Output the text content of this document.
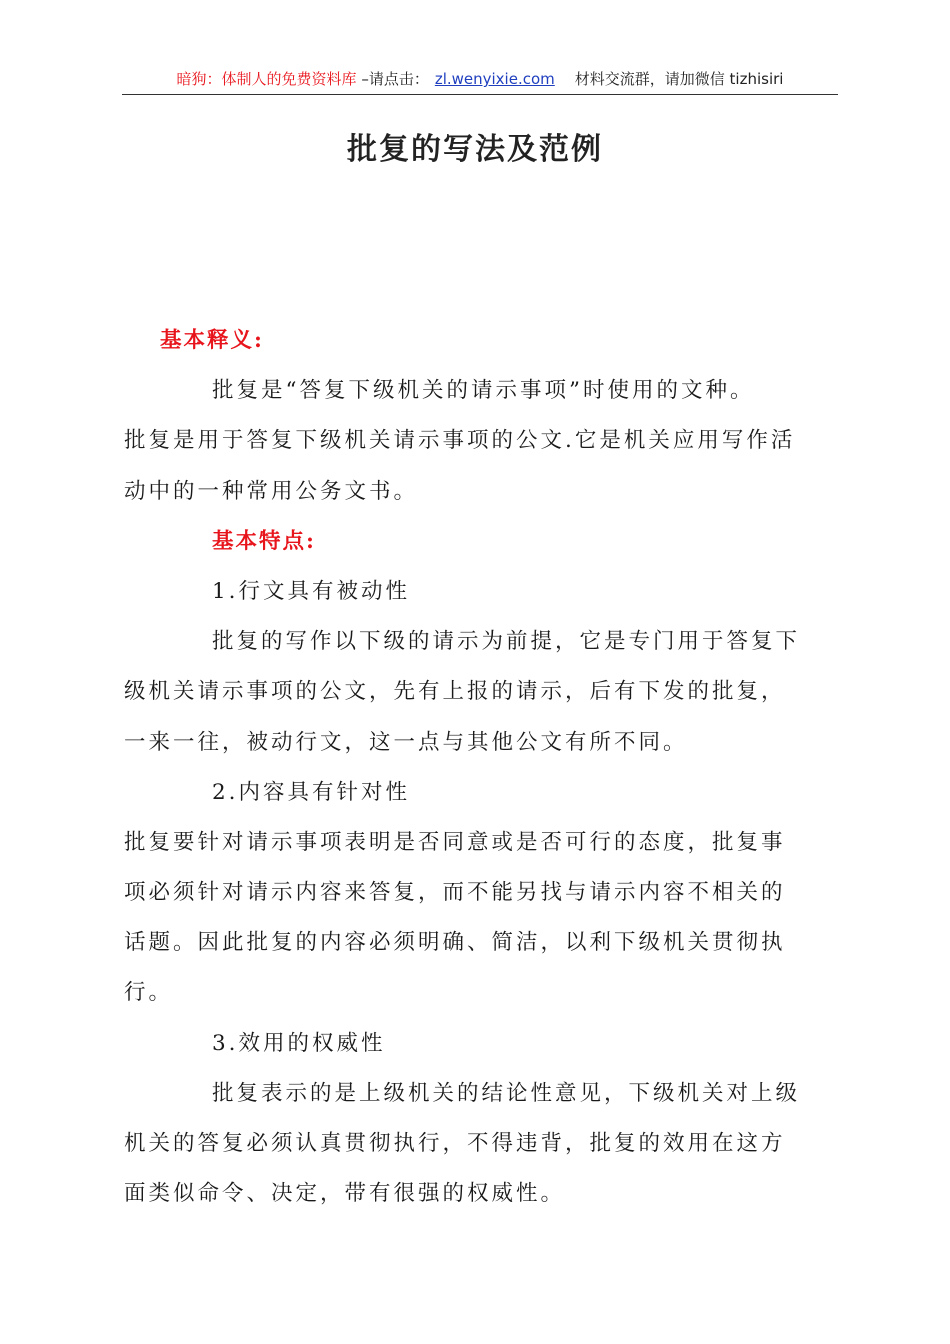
暗狗：体制人的免费资料库 –请点击： zl.wenyixie.com 材料交流群，请加微信 tizhisiri
批复的写法及范例
基本释义:
批复是“答复下级机关的请示事项”时使用的文种。
批复是用于答复下级机关请示事项的公文.它是机关应用写作活
动中的一种常用公务文书。
基本特点:
1.行文具有被动性
批复的写作以下级的请示为前提，它是专门用于答复下
级机关请示事项的公文，先有上报的请示，后有下发的批复，
一来一往，被动行文，这一点与其他公文有所不同。
2.内容具有针对性
批复要针对请示事项表明是否同意或是否可行的态度，批复事
项必须针对请示内容来答复，而不能另找与请示内容不相关的
话题。因此批复的内容必须明确、简洁，以利下级机关贯彻执
行。
3.效用的权威性
批复表示的是上级机关的结论性意见，下级机关对上级
机关的答复必须认真贯彻执行，不得违背，批复的效用在这方
面类似命令、决定，带有很强的权威性。
